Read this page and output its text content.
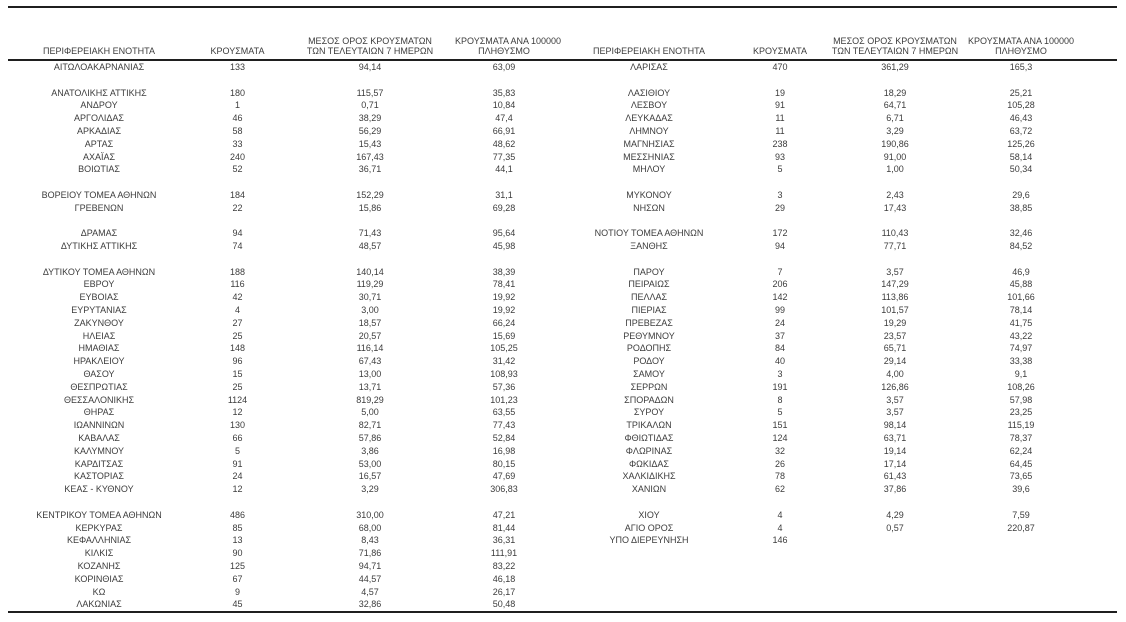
ΠΕΡΙΦΕΡΕΙΑΚΗ ΕΝΟΤΗΤΑ	ΚΡΟΥΣΜΑΤΑ	ΜΕΣΟΣ ΟΡΟΣ ΚΡΟΥΣΜΑΤΩΝ
ΤΩΝ ΤΕΛΕΥΤΑΙΩΝ 7 ΗΜΕΡΩΝ	ΚΡΟΥΣΜΑΤΑ ΑΝΑ 100000
ΠΛΗΘΥΣΜΟ	ΠΕΡΙΦΕΡΕΙΑΚΗ ΕΝΟΤΗΤΑ	ΚΡΟΥΣΜΑΤΑ	ΜΕΣΟΣ ΟΡΟΣ ΚΡΟΥΣΜΑΤΩΝ
ΤΩΝ ΤΕΛΕΥΤΑΙΩΝ 7 ΗΜΕΡΩΝ	ΚΡΟΥΣΜΑΤΑ ΑΝΑ 100000
ΠΛΗΘΥΣΜΟ

ΑΙΤΩΛΟΑΚΑΡΝΑΝΙΑΣ	133	94,14	63,09	ΛΑΡΙΣΑΣ	470	361,29	165,3

ΑΝΑΤΟΛΙΚΗΣ ΑΤΤΙΚΗΣ	180	115,57	35,83	ΛΑΣΙΘΙΟΥ	19	18,29	25,21
ΑΝΔΡΟΥ	1	0,71	10,84	ΛΕΣΒΟΥ	91	64,71	105,28
ΑΡΓΟΛΙΔΑΣ	46	38,29	47,4	ΛΕΥΚΑΔΑΣ	11	6,71	46,43
ΑΡΚΑΔΙΑΣ	58	56,29	66,91	ΛΗΜΝΟΥ	11	3,29	63,72
ΑΡΤΑΣ	33	15,43	48,62	ΜΑΓΝΗΣΙΑΣ	238	190,86	125,26
ΑΧΑΪΑΣ	240	167,43	77,35	ΜΕΣΣΗΝΙΑΣ	93	91,00	58,14
ΒΟΙΩΤΙΑΣ	52	36,71	44,1	ΜΗΛΟΥ	5	1,00	50,34

ΒΟΡΕΙΟΥ ΤΟΜΕΑ ΑΘΗΝΩΝ	184	152,29	31,1	ΜΥΚΟΝΟΥ	3	2,43	29,6
ΓΡΕΒΕΝΩΝ	22	15,86	69,28	ΝΗΣΩΝ	29	17,43	38,85

ΔΡΑΜΑΣ	94	71,43	95,64	ΝΟΤΙΟΥ ΤΟΜΕΑ ΑΘΗΝΩΝ	172	110,43	32,46
ΔΥΤΙΚΗΣ ΑΤΤΙΚΗΣ	74	48,57	45,98	ΞΑΝΘΗΣ	94	77,71	84,52

ΔΥΤΙΚΟΥ ΤΟΜΕΑ ΑΘΗΝΩΝ	188	140,14	38,39	ΠΑΡΟΥ	7	3,57	46,9
ΕΒΡΟΥ	116	119,29	78,41	ΠΕΙΡΑΙΩΣ	206	147,29	45,88
ΕΥΒΟΙΑΣ	42	30,71	19,92	ΠΕΛΛΑΣ	142	113,86	101,66
ΕΥΡΥΤΑΝΙΑΣ	4	3,00	19,92	ΠΙΕΡΙΑΣ	99	101,57	78,14
ΖΑΚΥΝΘΟΥ	27	18,57	66,24	ΠΡΕΒΕΖΑΣ	24	19,29	41,75
ΗΛΕΙΑΣ	25	20,57	15,69	ΡΕΘΥΜΝΟΥ	37	23,57	43,22
ΗΜΑΘΙΑΣ	148	116,14	105,25	ΡΟΔΟΠΗΣ	84	65,71	74,97
ΗΡΑΚΛΕΙΟΥ	96	67,43	31,42	ΡΟΔΟΥ	40	29,14	33,38
ΘΑΣΟΥ	15	13,00	108,93	ΣΑΜΟΥ	3	4,00	9,1
ΘΕΣΠΡΩΤΙΑΣ	25	13,71	57,36	ΣΕΡΡΩΝ	191	126,86	108,26
ΘΕΣΣΑΛΟΝΙΚΗΣ	1124	819,29	101,23	ΣΠΟΡΑΔΩΝ	8	3,57	57,98
ΘΗΡΑΣ	12	5,00	63,55	ΣΥΡΟΥ	5	3,57	23,25
ΙΩΑΝΝΙΝΩΝ	130	82,71	77,43	ΤΡΙΚΑΛΩΝ	151	98,14	115,19
ΚΑΒΑΛΑΣ	66	57,86	52,84	ΦΘΙΩΤΙΔΑΣ	124	63,71	78,37
ΚΑΛΥΜΝΟΥ	5	3,86	16,98	ΦΛΩΡΙΝΑΣ	32	19,14	62,24
ΚΑΡΔΙΤΣΑΣ	91	53,00	80,15	ΦΩΚΙΔΑΣ	26	17,14	64,45
ΚΑΣΤΟΡΙΑΣ	24	16,57	47,69	ΧΑΛΚΙΔΙΚΗΣ	78	61,43	73,65
ΚΕΑΣ - ΚΥΘΝΟΥ	12	3,29	306,83	ΧΑΝΙΩΝ	62	37,86	39,6

ΚΕΝΤΡΙΚΟΥ ΤΟΜΕΑ ΑΘΗΝΩΝ	486	310,00	47,21	ΧΙΟΥ	4	4,29	7,59
ΚΕΡΚΥΡΑΣ	85	68,00	81,44	ΑΓΙΟ ΟΡΟΣ	4	0,57	220,87
ΚΕΦΑΛΛΗΝΙΑΣ	13	8,43	36,31	ΥΠΟ ΔΙΕΡΕΥΝΗΣΗ	146		
ΚΙΛΚΙΣ	90	71,86	111,91				
ΚΟΖΑΝΗΣ	125	94,71	83,22				
ΚΟΡΙΝΘΙΑΣ	67	44,57	46,18				
ΚΩ	9	4,57	26,17				
ΛΑΚΩΝΙΑΣ	45	32,86	50,48				
